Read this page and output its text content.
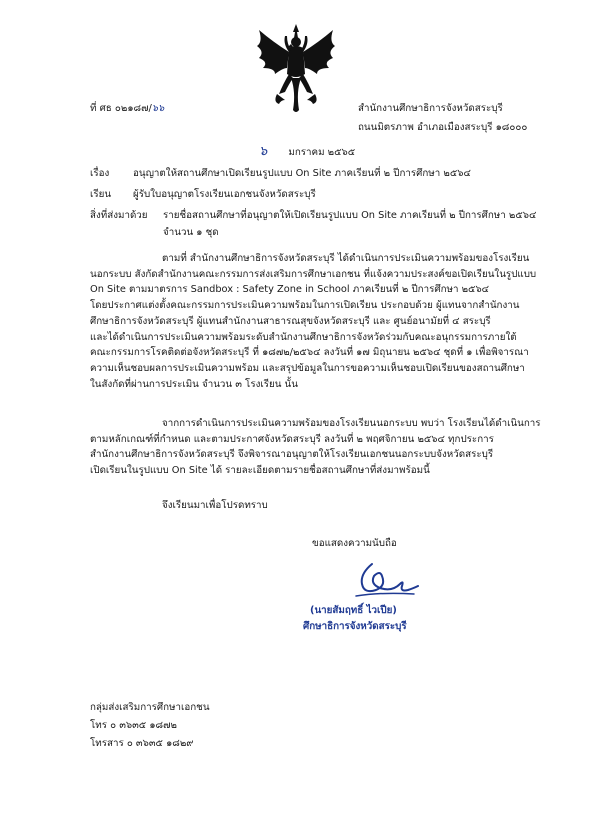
ที่ ศธ ๐๒๑๘๗/๖๖	สำนักงานศึกษาธิการจังหวัดสระบุรี
ถนนมิตรภาพ อำเภอเมืองสระบุรี ๑๘๐๐๐
๖ มกราคม ๒๕๖๕
เรื่อง อนุญาตให้สถานศึกษาเปิดเรียนรูปแบบ On Site ภาคเรียนที่ ๒ ปีการศึกษา ๒๕๖๔
เรียน ผู้รับใบอนุญาตโรงเรียนเอกชนจังหวัดสระบุรี
สิ่งที่ส่งมาด้วย รายชื่อสถานศึกษาที่อนุญาตให้เปิดเรียนรูปแบบ On Site ภาคเรียนที่ ๒ ปีการศึกษา ๒๕๖๔
จำนวน ๑ ชุด
ตามที่ สำนักงานศึกษาธิการจังหวัดสระบุรี ได้ดำเนินการประเมินความพร้อมของโรงเรียน
นอกระบบ สังกัดสำนักงานคณะกรรมการส่งเสริมการศึกษาเอกชน ที่แจ้งความประสงค์ขอเปิดเรียนในรูปแบบ
On Site ตามมาตรการ Sandbox : Safety Zone in School ภาคเรียนที่ ๒ ปีการศึกษา ๒๕๖๔
โดยประกาศแต่งตั้งคณะกรรมการประเมินความพร้อมในการเปิดเรียน ประกอบด้วย ผู้แทนจากสำนักงาน
ศึกษาธิการจังหวัดสระบุรี ผู้แทนสำนักงานสาธารณสุขจังหวัดสระบุรี และ ศูนย์อนามัยที่ ๔ สระบุรี
และได้ดำเนินการประเมินความพร้อมระดับสำนักงานศึกษาธิการจังหวัดร่วมกับคณะอนุกรรมการภายใต้
คณะกรรมการโรคติดต่อจังหวัดสระบุรี ที่ ๑๘๗๒/๒๕๖๔ ลงวันที่ ๑๗ มิถุนายน ๒๕๖๔ ชุดที่ ๑ เพื่อพิจารณา
ความเห็นชอบผลการประเมินความพร้อม และสรุปข้อมูลในการขอความเห็นชอบเปิดเรียนของสถานศึกษา
ในสังกัดที่ผ่านการประเมิน จำนวน ๓ โรงเรียน นั้น
จากการดำเนินการประเมินความพร้อมของโรงเรียนนอกระบบ พบว่า โรงเรียนได้ดำเนินการ
ตามหลักเกณฑ์ที่กำหนด และตามประกาศจังหวัดสระบุรี ลงวันที่ ๒ พฤศจิกายน ๒๕๖๔ ทุกประการ
สำนักงานศึกษาธิการจังหวัดสระบุรี จึงพิจารณาอนุญาตให้โรงเรียนเอกชนนอกระบบจังหวัดสระบุรี
เปิดเรียนในรูปแบบ On Site ได้ รายละเอียดตามรายชื่อสถานศึกษาที่ส่งมาพร้อมนี้
จึงเรียนมาเพื่อโปรดทราบ
ขอแสดงความนับถือ
(นายสัมฤทธิ์ ไวเปีย)
ศึกษาธิการจังหวัดสระบุรี
กลุ่มส่งเสริมการศึกษาเอกชน
โทร ๐ ๓๖๓๕ ๑๘๗๒
โทรสาร ๐ ๓๖๓๕ ๑๘๒๙
